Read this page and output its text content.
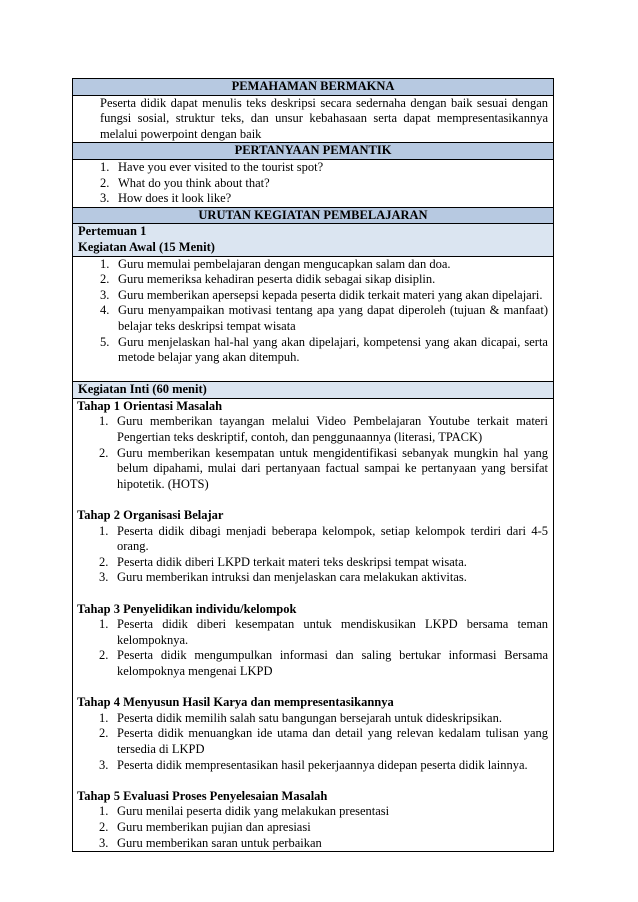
PEMAHAMAN BERMAKNA

Peserta didik dapat menulis teks deskripsi secara sedernaha dengan baik sesuai dengan fungsi sosial, struktur teks, dan unsur kebahasaan serta dapat mempresentasikannya melalui powerpoint dengan baik

PERTANYAAN PEMANTIK

1. Have you ever visited to the tourist spot?
2. What do you think about that?
3. How does it look like?

URUTAN KEGIATAN PEMBELAJARAN

Pertemuan 1
Kegiatan Awal (15 Menit)

1. Guru memulai pembelajaran dengan mengucapkan salam dan doa.
2. Guru memeriksa kehadiran peserta didik sebagai sikap disiplin.
3. Guru memberikan apersepsi kepada peserta didik terkait materi yang akan dipelajari.
4. Guru menyampaikan motivasi tentang apa yang dapat diperoleh (tujuan & manfaat) belajar teks deskripsi tempat wisata
5. Guru menjelaskan hal-hal yang akan dipelajari, kompetensi yang akan dicapai, serta metode belajar yang akan ditempuh.

Kegiatan Inti (60 menit)

Tahap 1 Orientasi Masalah
1. Guru memberikan tayangan melalui Video Pembelajaran Youtube terkait materi Pengertian teks deskriptif, contoh, dan penggunaannya (literasi, TPACK)
2. Guru memberikan kesempatan untuk mengidentifikasi sebanyak mungkin hal yang belum dipahami, mulai dari pertanyaan factual sampai ke pertanyaan yang bersifat hipotetik. (HOTS)
Tahap 2 Organisasi Belajar
1. Peserta didik dibagi menjadi beberapa kelompok, setiap kelompok terdiri dari 4-5 orang.
2. Peserta didik diberi LKPD terkait materi teks deskripsi tempat wisata.
3. Guru memberikan intruksi dan menjelaskan cara melakukan aktivitas.
Tahap 3 Penyelidikan individu/kelompok
1. Peserta didik diberi kesempatan untuk mendiskusikan LKPD bersama teman kelompoknya.
2. Peserta didik mengumpulkan informasi dan saling bertukar informasi Bersama kelompoknya mengenai LKPD
Tahap 4 Menyusun Hasil Karya dan mempresentasikannya
1. Peserta didik memilih salah satu bangungan bersejarah untuk dideskripsikan.
2. Peserta didik menuangkan ide utama dan detail yang relevan kedalam tulisan yang tersedia di LKPD
3. Peserta didik mempresentasikan hasil pekerjaannya didepan peserta didik lainnya.
Tahap 5 Evaluasi Proses Penyelesaian Masalah
1. Guru menilai peserta didik yang melakukan presentasi
2. Guru memberikan pujian dan apresiasi
3. Guru memberikan saran untuk perbaikan
